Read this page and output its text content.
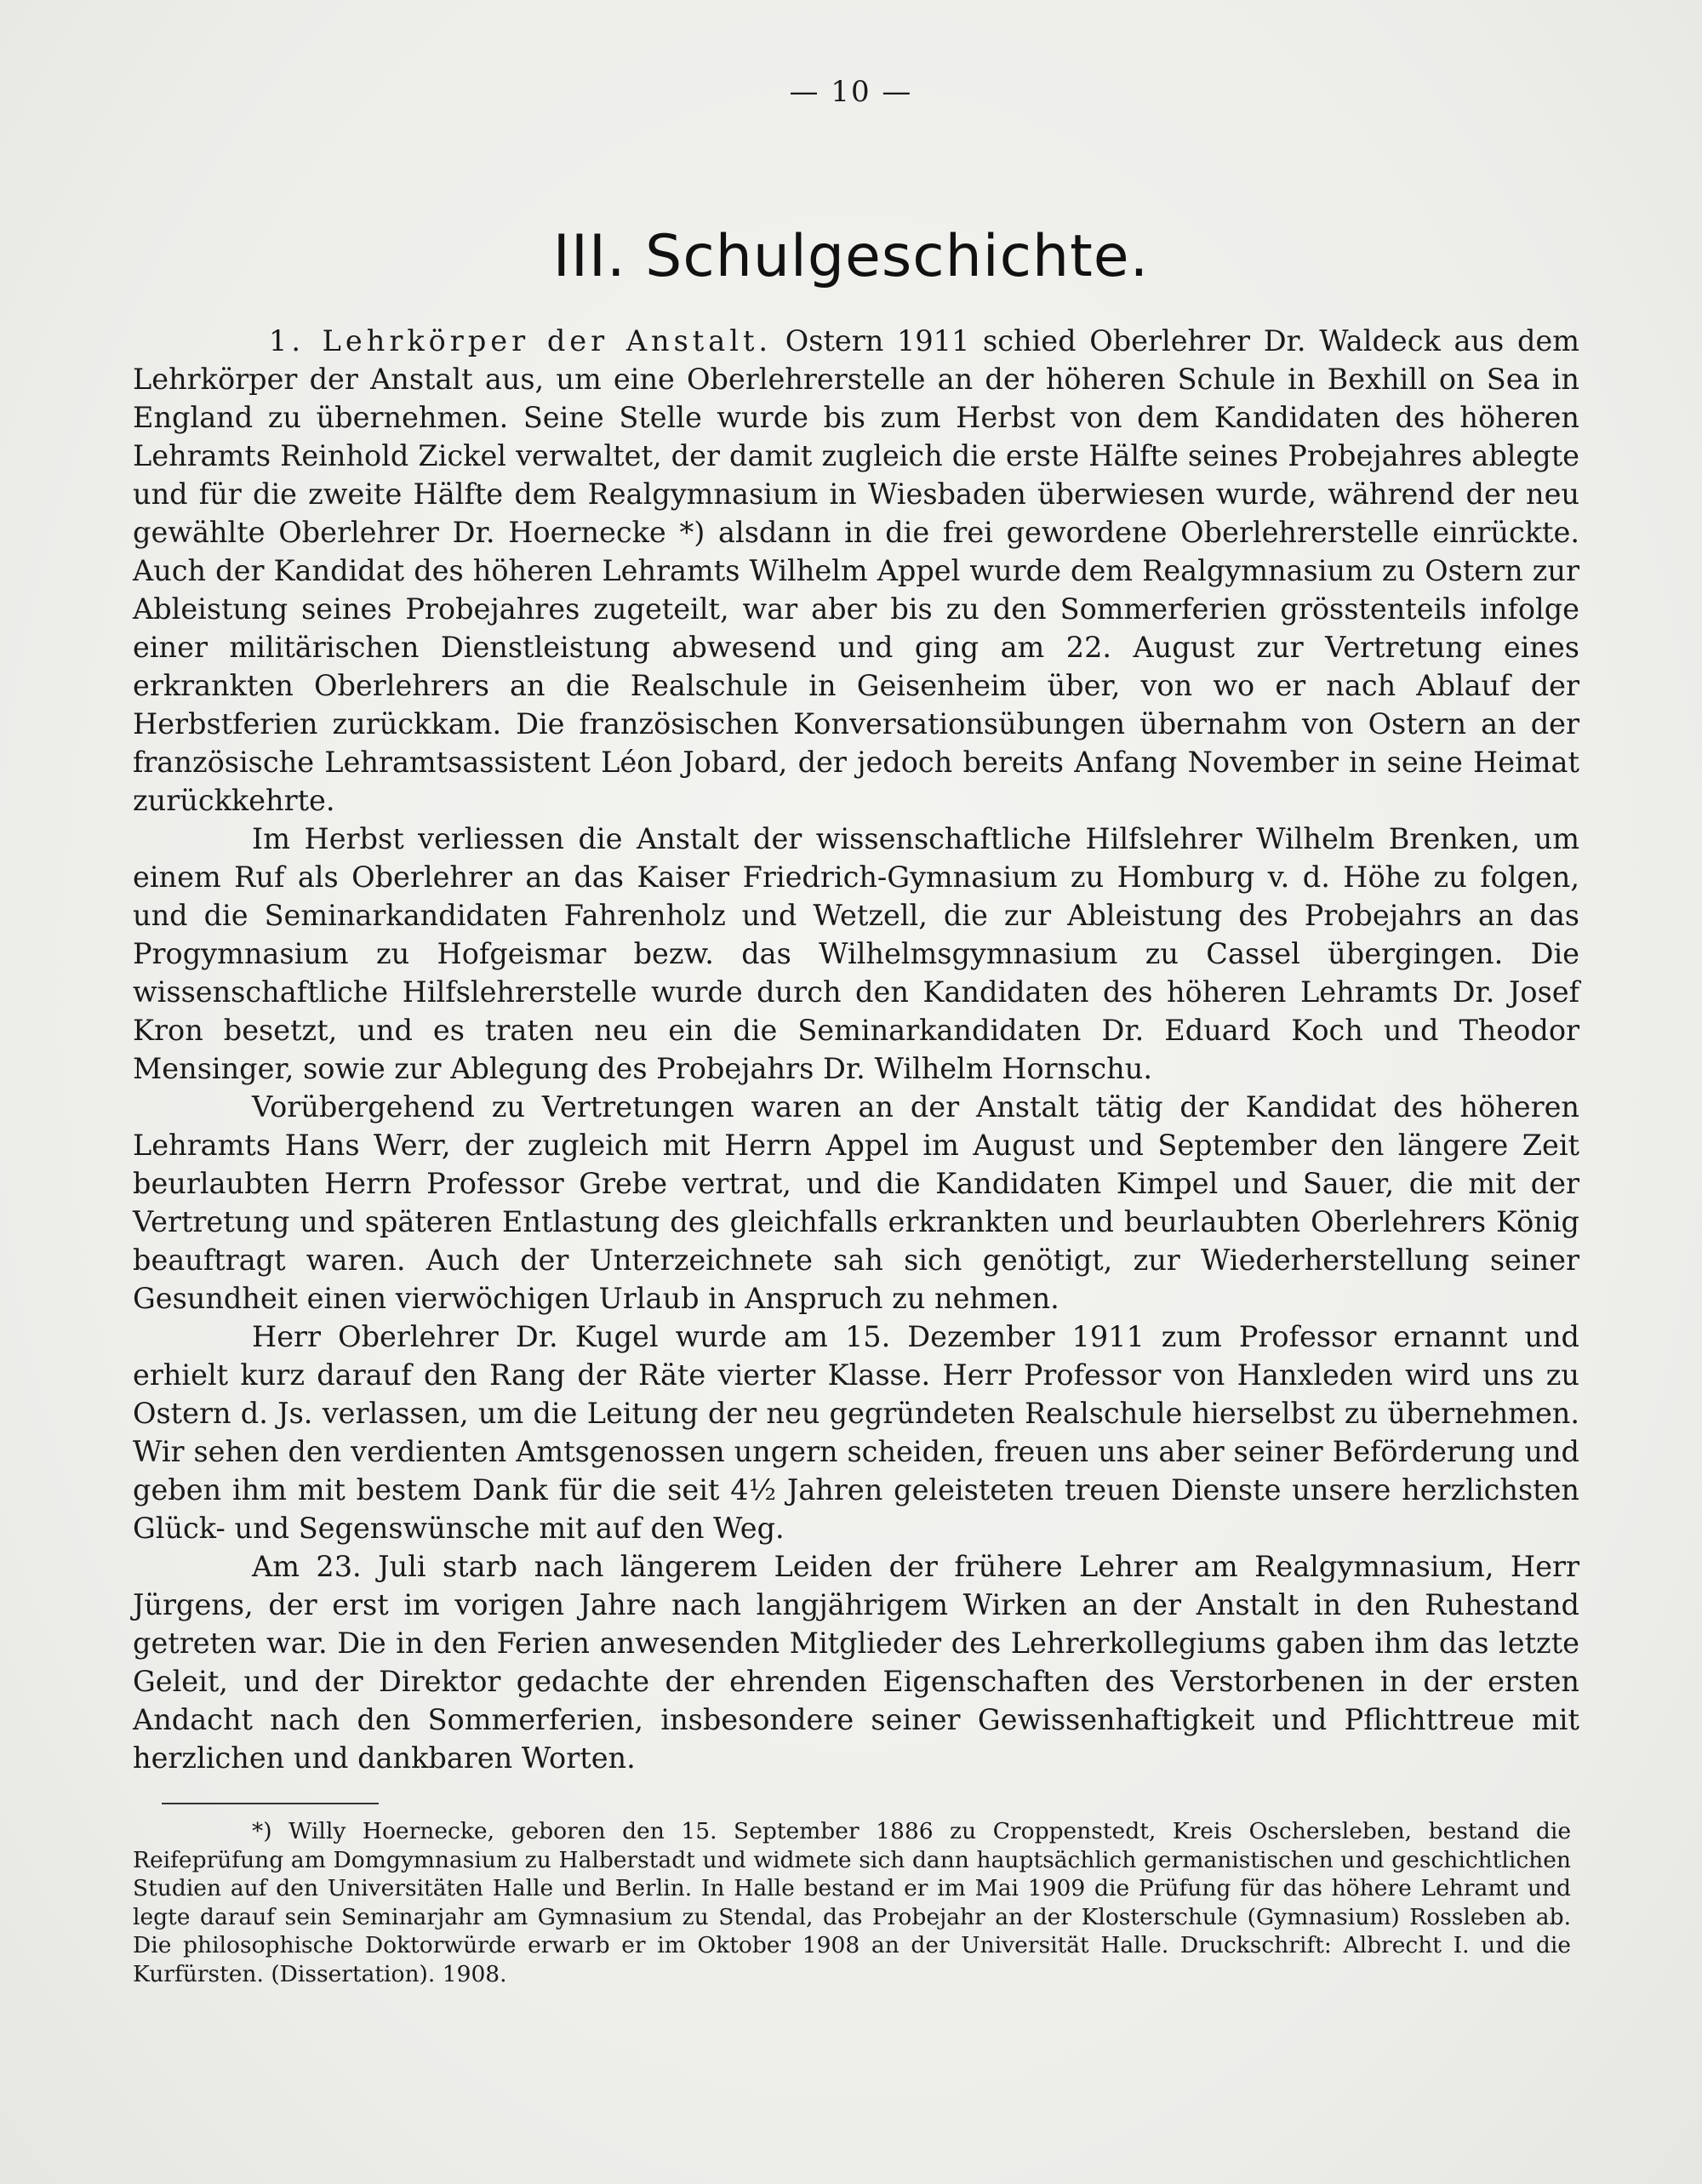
— 10 —
III. Schulgeschichte.

1. Lehrkörper der Anstalt. Ostern 1911 schied Oberlehrer Dr. Waldeck aus dem Lehrkörper der Anstalt aus, um eine Oberlehrerstelle an der höheren Schule in Bexhill on Sea in England zu übernehmen. Seine Stelle wurde bis zum Herbst von dem Kandidaten des höheren Lehramts Reinhold Zickel verwaltet, der damit zugleich die erste Hälfte seines Probejahres ablegte und für die zweite Hälfte dem Realgymnasium in Wiesbaden überwiesen wurde, während der neu gewählte Oberlehrer Dr. Hoernecke *) alsdann in die frei gewordene Oberlehrerstelle einrückte. Auch der Kandidat des höheren Lehramts Wilhelm Appel wurde dem Realgymnasium zu Ostern zur Ableistung seines Probejahres zugeteilt, war aber bis zu den Sommerferien grösstenteils infolge einer militärischen Dienstleistung abwesend und ging am 22. August zur Vertretung eines erkrankten Oberlehrers an die Realschule in Geisenheim über, von wo er nach Ablauf der Herbstferien zurückkam. Die französischen Konversationsübungen übernahm von Ostern an der französische Lehramtsassistent Léon Jobard, der jedoch bereits Anfang November in seine Heimat zurückkehrte.

Im Herbst verliessen die Anstalt der wissenschaftliche Hilfslehrer Wilhelm Brenken, um einem Ruf als Oberlehrer an das Kaiser Friedrich-Gymnasium zu Homburg v. d. Höhe zu folgen, und die Seminarkandidaten Fahrenholz und Wetzell, die zur Ableistung des Probejahrs an das Progymnasium zu Hofgeismar bezw. das Wilhelmsgymnasium zu Cassel übergingen. Die wissenschaftliche Hilfslehrerstelle wurde durch den Kandidaten des höheren Lehramts Dr. Josef Kron besetzt, und es traten neu ein die Seminarkandidaten Dr. Eduard Koch und Theodor Mensinger, sowie zur Ablegung des Probejahrs Dr. Wilhelm Hornschu.

Vorübergehend zu Vertretungen waren an der Anstalt tätig der Kandidat des höheren Lehramts Hans Werr, der zugleich mit Herrn Appel im August und September den längere Zeit beurlaubten Herrn Professor Grebe vertrat, und die Kandidaten Kimpel und Sauer, die mit der Vertretung und späteren Entlastung des gleichfalls erkrankten und beurlaubten Oberlehrers König beauftragt waren. Auch der Unterzeichnete sah sich genötigt, zur Wiederherstellung seiner Gesundheit einen vierwöchigen Urlaub in Anspruch zu nehmen.

Herr Oberlehrer Dr. Kugel wurde am 15. Dezember 1911 zum Professor ernannt und erhielt kurz darauf den Rang der Räte vierter Klasse. Herr Professor von Hanxleden wird uns zu Ostern d. Js. verlassen, um die Leitung der neu gegründeten Realschule hierselbst zu übernehmen. Wir sehen den verdienten Amtsgenossen ungern scheiden, freuen uns aber seiner Beförderung und geben ihm mit bestem Dank für die seit 4½ Jahren geleisteten treuen Dienste unsere herzlichsten Glück- und Segenswünsche mit auf den Weg.

Am 23. Juli starb nach längerem Leiden der frühere Lehrer am Realgymnasium, Herr Jürgens, der erst im vorigen Jahre nach langjährigem Wirken an der Anstalt in den Ruhestand getreten war. Die in den Ferien anwesenden Mitglieder des Lehrerkollegiums gaben ihm das letzte Geleit, und der Direktor gedachte der ehrenden Eigenschaften des Verstorbenen in der ersten Andacht nach den Sommerferien, insbesondere seiner Gewissenhaftigkeit und Pflichttreue mit herzlichen und dankbaren Worten.

*) Willy Hoernecke, geboren den 15. September 1886 zu Croppenstedt, Kreis Oschersleben, bestand die Reifeprüfung am Domgymnasium zu Halberstadt und widmete sich dann hauptsächlich germanistischen und geschichtlichen Studien auf den Universitäten Halle und Berlin. In Halle bestand er im Mai 1909 die Prüfung für das höhere Lehramt und legte darauf sein Seminarjahr am Gymnasium zu Stendal, das Probejahr an der Klosterschule (Gymnasium) Rossleben ab. Die philosophische Doktorwürde erwarb er im Oktober 1908 an der Universität Halle. Druckschrift: Albrecht I. und die Kurfürsten. (Dissertation). 1908.
